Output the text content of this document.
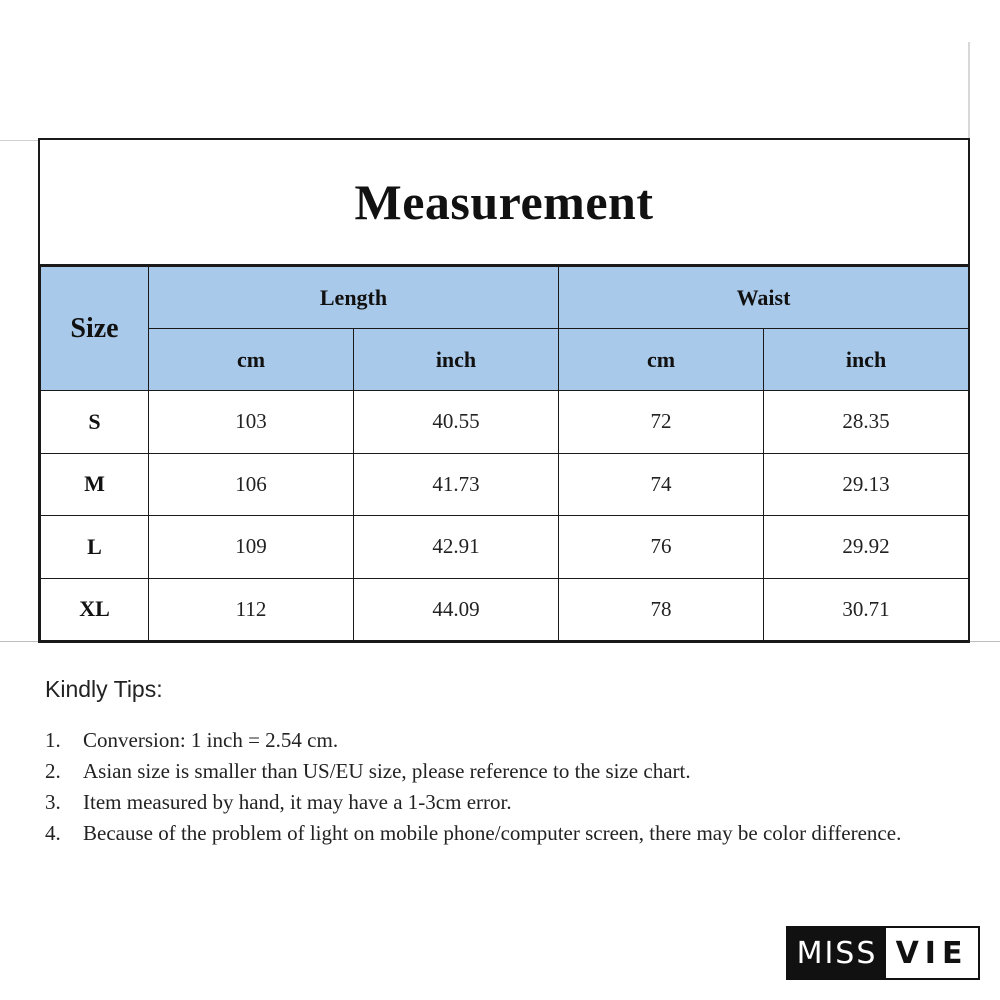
Measurement
Size	Length		Waist	
	cm	inch	cm	inch
S	103	40.55	72	28.35
M	106	41.73	74	29.13
L	109	42.91	76	29.92
XL	112	44.09	78	30.71
Kindly Tips:
1. Conversion: 1 inch = 2.54 cm.
2. Asian size is smaller than US/EU size, please reference to the size chart.
3. Item measured by hand, it may have a 1-3cm error.
4. Because of the problem of light on mobile phone/computer screen, there may be color difference.
MISS VIE
